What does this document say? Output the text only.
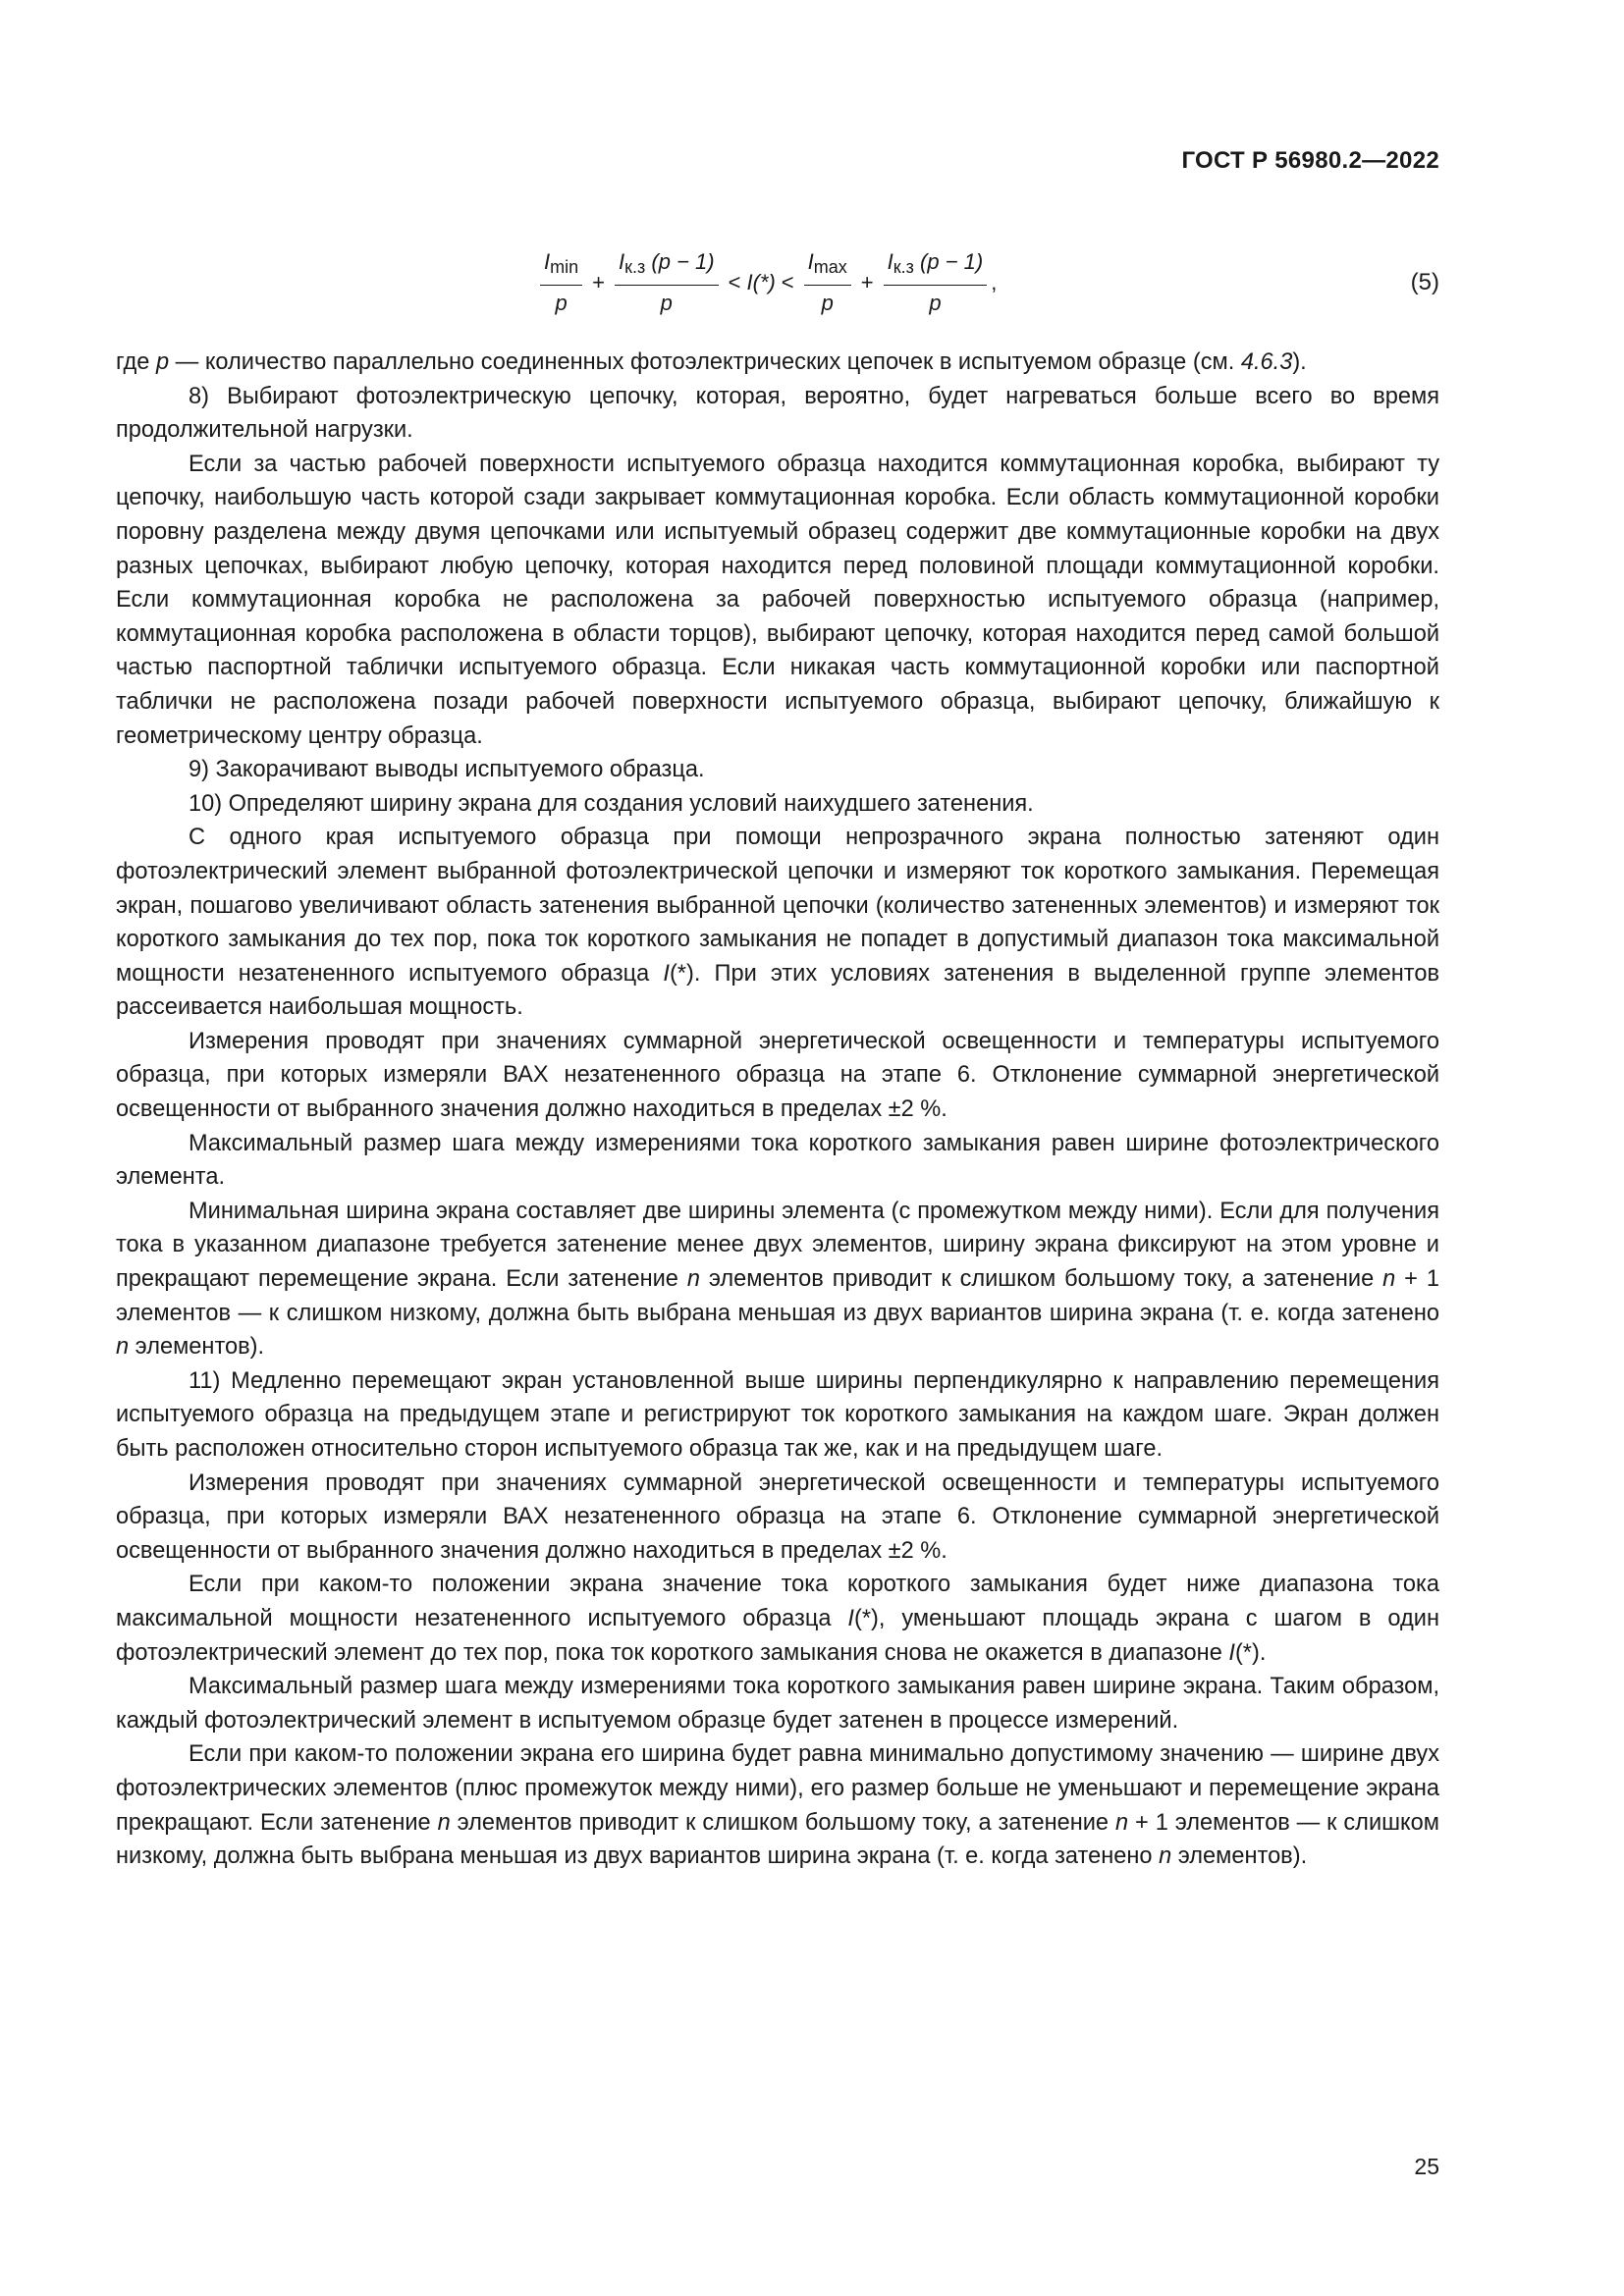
ГОСТ Р 56980.2—2022
$\frac{I_{min}}{p} + \frac{I_{к.з} (p - 1)}{p} < I(*) < \frac{I_{max}}{p} + \frac{I_{к.з} (p - 1)}{p}$ ,	(5)

где p — количество параллельно соединенных фотоэлектрических цепочек в испытуемом образце (см. 4.6.3).

8) Выбирают фотоэлектрическую цепочку, которая, вероятно, будет нагреваться больше всего во время продолжительной нагрузки.

Если за частью рабочей поверхности испытуемого образца находится коммутационная коробка, выбирают ту цепочку, наибольшую часть которой сзади закрывает коммутационная коробка. Если область коммутационной коробки поровну разделена между двумя цепочками или испытуемый образец содержит две коммутационные коробки на двух разных цепочках, выбирают любую цепочку, которая находится перед половиной площади коммутационной коробки. Если коммутационная коробка не расположена за рабочей поверхностью испытуемого образца (например, коммутационная коробка расположена в области торцов), выбирают цепочку, которая находится перед самой большой частью паспортной таблички испытуемого образца. Если никакая часть коммутационной коробки или паспортной таблички не расположена позади рабочей поверхности испытуемого образца, выбирают цепочку, ближайшую к геометрическому центру образца.

9) Закорачивают выводы испытуемого образца.

10) Определяют ширину экрана для создания условий наихудшего затенения.

С одного края испытуемого образца при помощи непрозрачного экрана полностью затеняют один фотоэлектрический элемент выбранной фотоэлектрической цепочки и измеряют ток короткого замыкания. Перемещая экран, пошагово увеличивают область затенения выбранной цепочки (количество затененных элементов) и измеряют ток короткого замыкания до тех пор, пока ток короткого замыкания не попадет в допустимый диапазон тока максимальной мощности незатененного испытуемого образца I(*). При этих условиях затенения в выделенной группе элементов рассеивается наибольшая мощность.

Измерения проводят при значениях суммарной энергетической освещенности и температуры испытуемого образца, при которых измеряли ВАХ незатененного образца на этапе 6. Отклонение суммарной энергетической освещенности от выбранного значения должно находиться в пределах ±2 %.

Максимальный размер шага между измерениями тока короткого замыкания равен ширине фотоэлектрического элемента.

Минимальная ширина экрана составляет две ширины элемента (с промежутком между ними). Если для получения тока в указанном диапазоне требуется затенение менее двух элементов, ширину экрана фиксируют на этом уровне и прекращают перемещение экрана. Если затенение n элементов приводит к слишком большому току, а затенение n + 1 элементов — к слишком низкому, должна быть выбрана меньшая из двух вариантов ширина экрана (т. е. когда затенено n элементов).

11) Медленно перемещают экран установленной выше ширины перпендикулярно к направлению перемещения испытуемого образца на предыдущем этапе и регистрируют ток короткого замыкания на каждом шаге. Экран должен быть расположен относительно сторон испытуемого образца так же, как и на предыдущем шаге.

Измерения проводят при значениях суммарной энергетической освещенности и температуры испытуемого образца, при которых измеряли ВАХ незатененного образца на этапе 6. Отклонение суммарной энергетической освещенности от выбранного значения должно находиться в пределах ±2 %.

Если при каком-то положении экрана значение тока короткого замыкания будет ниже диапазона тока максимальной мощности незатененного испытуемого образца I(*), уменьшают площадь экрана с шагом в один фотоэлектрический элемент до тех пор, пока ток короткого замыкания снова не окажется в диапазоне I(*).

Максимальный размер шага между измерениями тока короткого замыкания равен ширине экрана. Таким образом, каждый фотоэлектрический элемент в испытуемом образце будет затенен в процессе измерений.

Если при каком-то положении экрана его ширина будет равна минимально допустимому значению — ширине двух фотоэлектрических элементов (плюс промежуток между ними), его размер больше не уменьшают и перемещение экрана прекращают. Если затенение n элементов приводит к слишком большому току, а затенение n + 1 элементов — к слишком низкому, должна быть выбрана меньшая из двух вариантов ширина экрана (т. е. когда затенено n элементов).

25
